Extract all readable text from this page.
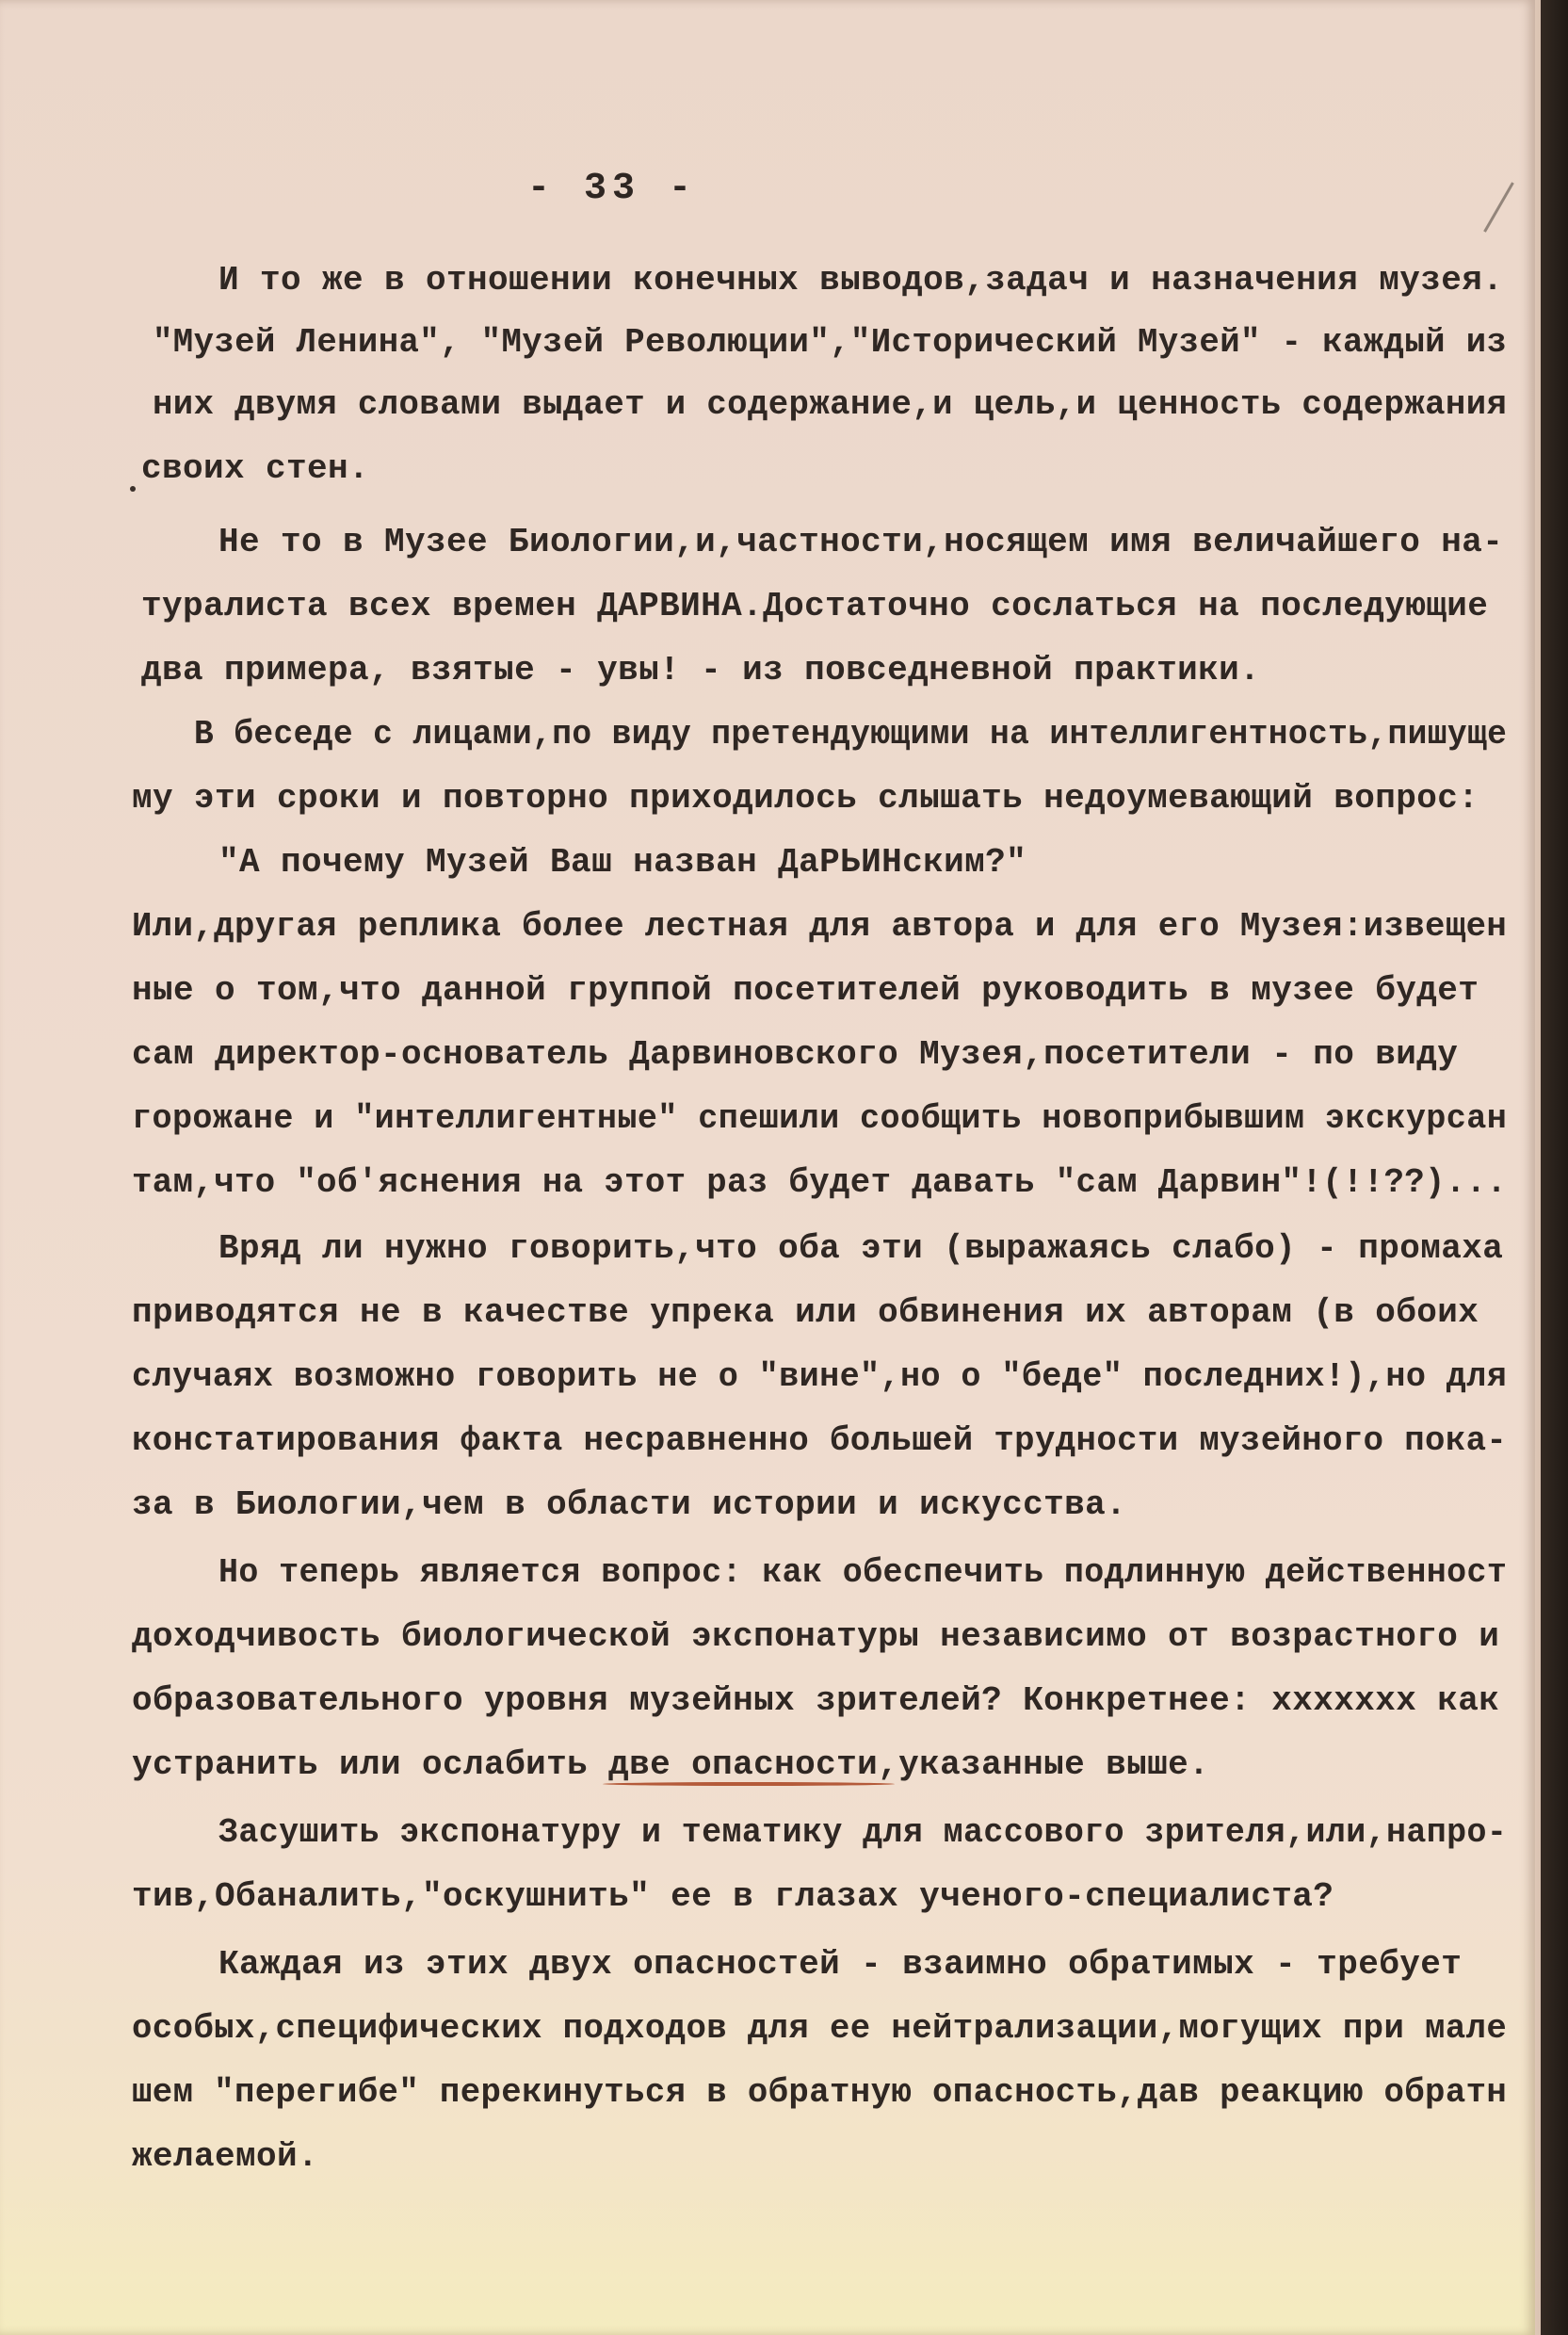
- 33 -
И то же в отношении конечных выводов,задач и назначения музея.
"Музей Ленина", "Музей Революции","Исторический Музей" - каждый из
них двумя словами выдает и содержание,и цель,и ценность содержания
своих стен.
Не то в Музее Биологии,и,частности,носящем имя величайшего на-
туралиста всех времен ДАРВИНА.Достаточно сослаться на последующие
два примера, взятые - увы! - из повседневной практики.
В беседе с лицами,по виду претендующими на интеллигентность,пишуще
му эти сроки и повторно приходилось слышать недоумевающий вопрос:
"А почему Музей Ваш назван ДаРЬИНским?"
Или,другая реплика более лестная для автора и для его Музея:извещен
ные о том,что данной группой посетителей руководить в музее будет
сам директор-основатель Дарвиновского Музея,посетители - по виду
горожане и "интеллигентные" спешили сообщить новоприбывшим экскурсан
там,что "об'яснения на этот раз будет давать "сам Дарвин"!(!!??)...
Вряд ли нужно говорить,что оба эти (выражаясь слабо) - промаха
приводятся не в качестве упрека или обвинения их авторам (в обоих
случаях возможно говорить не о "вине",но о "беде" последних!),но для
констатирования факта несравненно большей трудности музейного пока-
за в Биологии,чем в области истории и искусства.
Но теперь является вопрос: как обеспечить подлинную действенност
доходчивость биологической экспонатуры независимо от возрастного и
образовательного уровня музейных зрителей? Конкретнее: xxxxxxx как
устранить или ослабить две опасности,указанные выше.
Засушить экспонатуру и тематику для массового зрителя,или,напро-
тив,Обаналить,"оскушнить" ее в глазах ученого-специалиста?
Каждая из этих двух опасностей - взаимно обратимых - требует
особых,специфических подходов для ее нейтрализации,могущих при мале
шем "перегибе" перекинуться в обратную опасность,дав реакцию обратн
желаемой.
